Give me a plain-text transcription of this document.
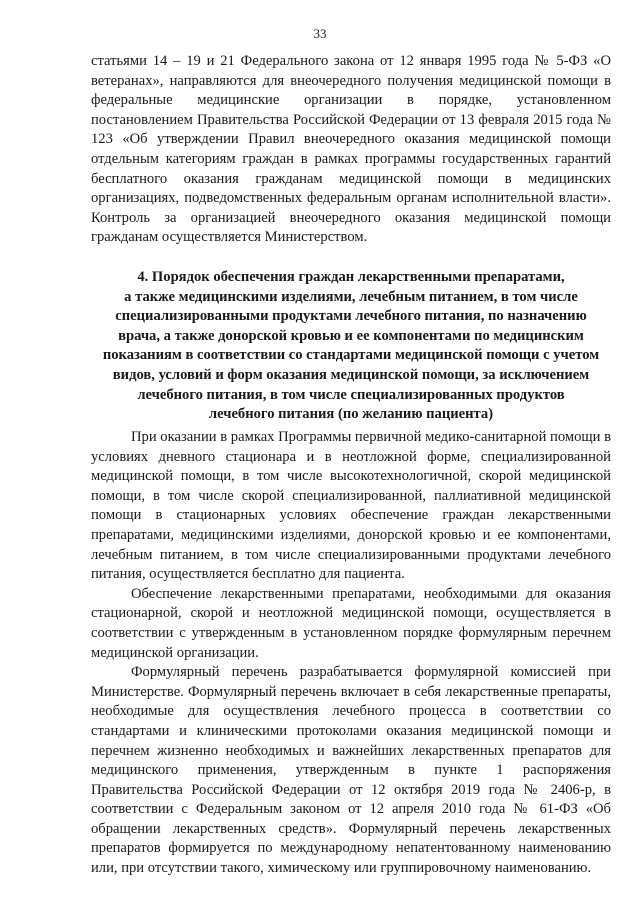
33

статьями 14 – 19 и 21 Федерального закона от 12 января 1995 года № 5-ФЗ «О ветеранах», направляются для внеочередного получения медицинской помощи в федеральные медицинские организации в порядке, установленном постановлением Правительства Российской Федерации от 13 февраля 2015 года № 123 «Об утверждении Правил внеочередного оказания медицинской помощи отдельным категориям граждан в рамках программы государственных гарантий бесплатного оказания гражданам медицинской помощи в медицинских организациях, подведомственных федеральным органам исполнительной власти». Контроль за организацией внеочередного оказания медицинской помощи гражданам осуществляется Министерством.

4. Порядок обеспечения граждан лекарственными препаратами,
а также медицинскими изделиями, лечебным питанием, в том числе
специализированными продуктами лечебного питания, по назначению
врача, а также донорской кровью и ее компонентами по медицинским
показаниям в соответствии со стандартами медицинской помощи с учетом
видов, условий и форм оказания медицинской помощи, за исключением
лечебного питания, в том числе специализированных продуктов
лечебного питания (по желанию пациента)

При оказании в рамках Программы первичной медико-санитарной помощи в условиях дневного стационара и в неотложной форме, специализированной медицинской помощи, в том числе высокотехнологичной, скорой медицинской помощи, в том числе скорой специализированной, паллиативной медицинской помощи в стационарных условиях обеспечение граждан лекарственными препаратами, медицинскими изделиями, донорской кровью и ее компонентами, лечебным питанием, в том числе специализированными продуктами лечебного питания, осуществляется бесплатно для пациента.

Обеспечение лекарственными препаратами, необходимыми для оказания стационарной, скорой и неотложной медицинской помощи, осуществляется в соответствии с утвержденным в установленном порядке формулярным перечнем медицинской организации.

Формулярный перечень разрабатывается формулярной комиссией при Министерстве. Формулярный перечень включает в себя лекарственные препараты, необходимые для осуществления лечебного процесса в соответствии со стандартами и клиническими протоколами оказания медицинской помощи и перечнем жизненно необходимых и важнейших лекарственных препаратов для медицинского применения, утвержденным в пункте 1 распоряжения Правительства Российской Федерации от 12 октября 2019 года № 2406-р, в соответствии с Федеральным законом от 12 апреля 2010 года № 61-ФЗ «Об обращении лекарственных средств». Формулярный перечень лекарственных препаратов формируется по международному непатентованному наименованию или, при отсутствии такого, химическому или группировочному наименованию.
